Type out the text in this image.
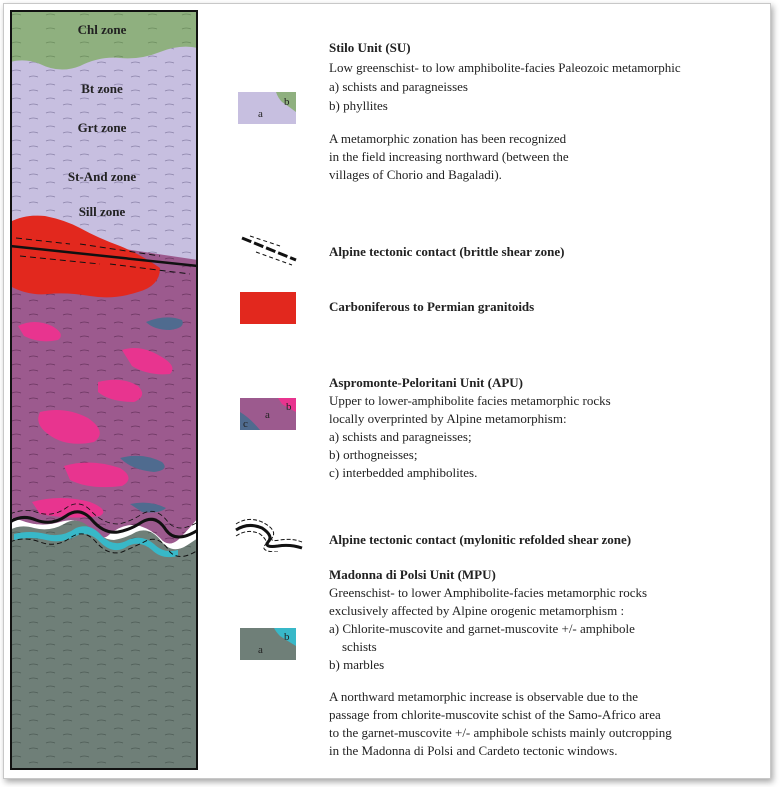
Chl zone
Bt zone
Grt zone
St-And zone
Sill zone
a
b
Stilo Unit (SU)
Low greenschist- to low amphibolite-facies Paleozoic metamorphic
a) schists and paragneisses
b) phyllites
A metamorphic zonation has been recognized
in the field increasing northward (between the
villages of Chorio and Bagaladi).
Alpine tectonic contact (brittle shear zone)
Carboniferous to Permian granitoids
a
b
c
Aspromonte-Peloritani Unit (APU)
Upper to lower-amphibolite facies metamorphic rocks
locally overprinted by Alpine metamorphism:
a) schists and paragneisses;
b) orthogneisses;
c) interbedded amphibolites.
Alpine tectonic contact (mylonitic refolded shear zone)
a
b
Madonna di Polsi Unit (MPU)
Greenschist- to lower Amphibolite-facies metamorphic rocks
exclusively affected by Alpine orogenic metamorphism :
a) Chlorite-muscovite and garnet-muscovite +/- amphibole
schists
b) marbles
A northward metamorphic increase is observable due to the
passage from chlorite-muscovite schist of the Samo-Africo area
to the garnet-muscovite +/- amphibole schists mainly outcropping
in the Madonna di Polsi and Cardeto tectonic windows.
